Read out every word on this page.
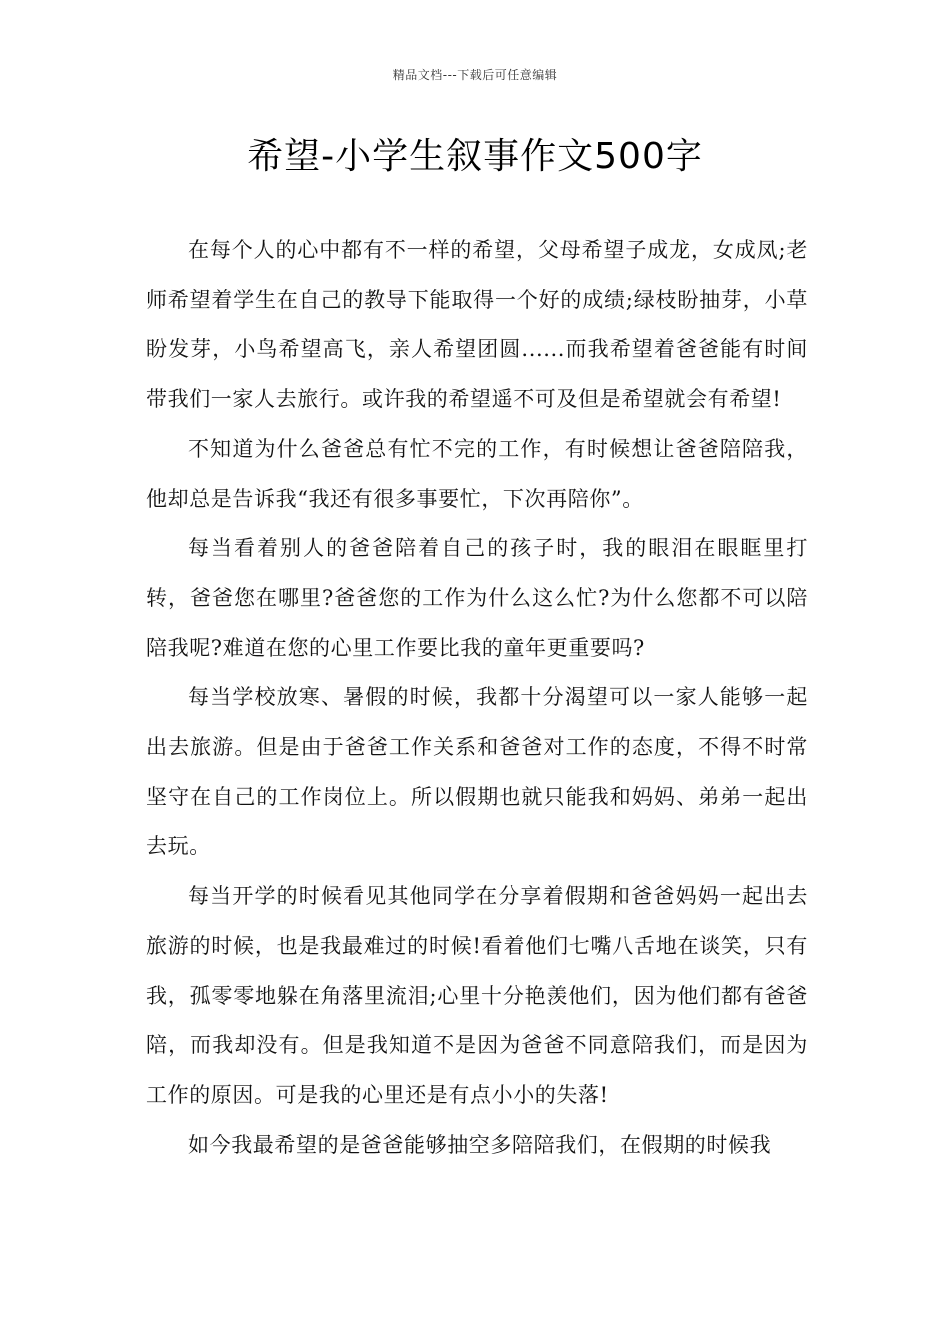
精品文档---下载后可任意编辑
希望-小学生叙事作文500字

在每个人的心中都有不一样的希望，父母希望子成龙，女成凤;老师希望着学生在自己的教导下能取得一个好的成绩;绿枝盼抽芽，小草盼发芽，小鸟希望高飞，亲人希望团圆......而我希望着爸爸能有时间带我们一家人去旅行。或许我的希望遥不可及但是希望就会有希望!

不知道为什么爸爸总有忙不完的工作，有时候想让爸爸陪陪我，他却总是告诉我“我还有很多事要忙，下次再陪你”。

每当看着别人的爸爸陪着自己的孩子时，我的眼泪在眼眶里打转，爸爸您在哪里?爸爸您的工作为什么这么忙?为什么您都不可以陪陪我呢?难道在您的心里工作要比我的童年更重要吗?

每当学校放寒、暑假的时候，我都十分渴望可以一家人能够一起出去旅游。但是由于爸爸工作关系和爸爸对工作的态度，不得不时常坚守在自己的工作岗位上。所以假期也就只能我和妈妈、弟弟一起出去玩。

每当开学的时候看见其他同学在分享着假期和爸爸妈妈一起出去旅游的时候，也是我最难过的时候!看着他们七嘴八舌地在谈笑，只有我，孤零零地躲在角落里流泪;心里十分艳羡他们，因为他们都有爸爸陪，而我却没有。但是我知道不是因为爸爸不同意陪我们，而是因为工作的原因。可是我的心里还是有点小小的失落!

如今我最希望的是爸爸能够抽空多陪陪我们，在假期的时候我
